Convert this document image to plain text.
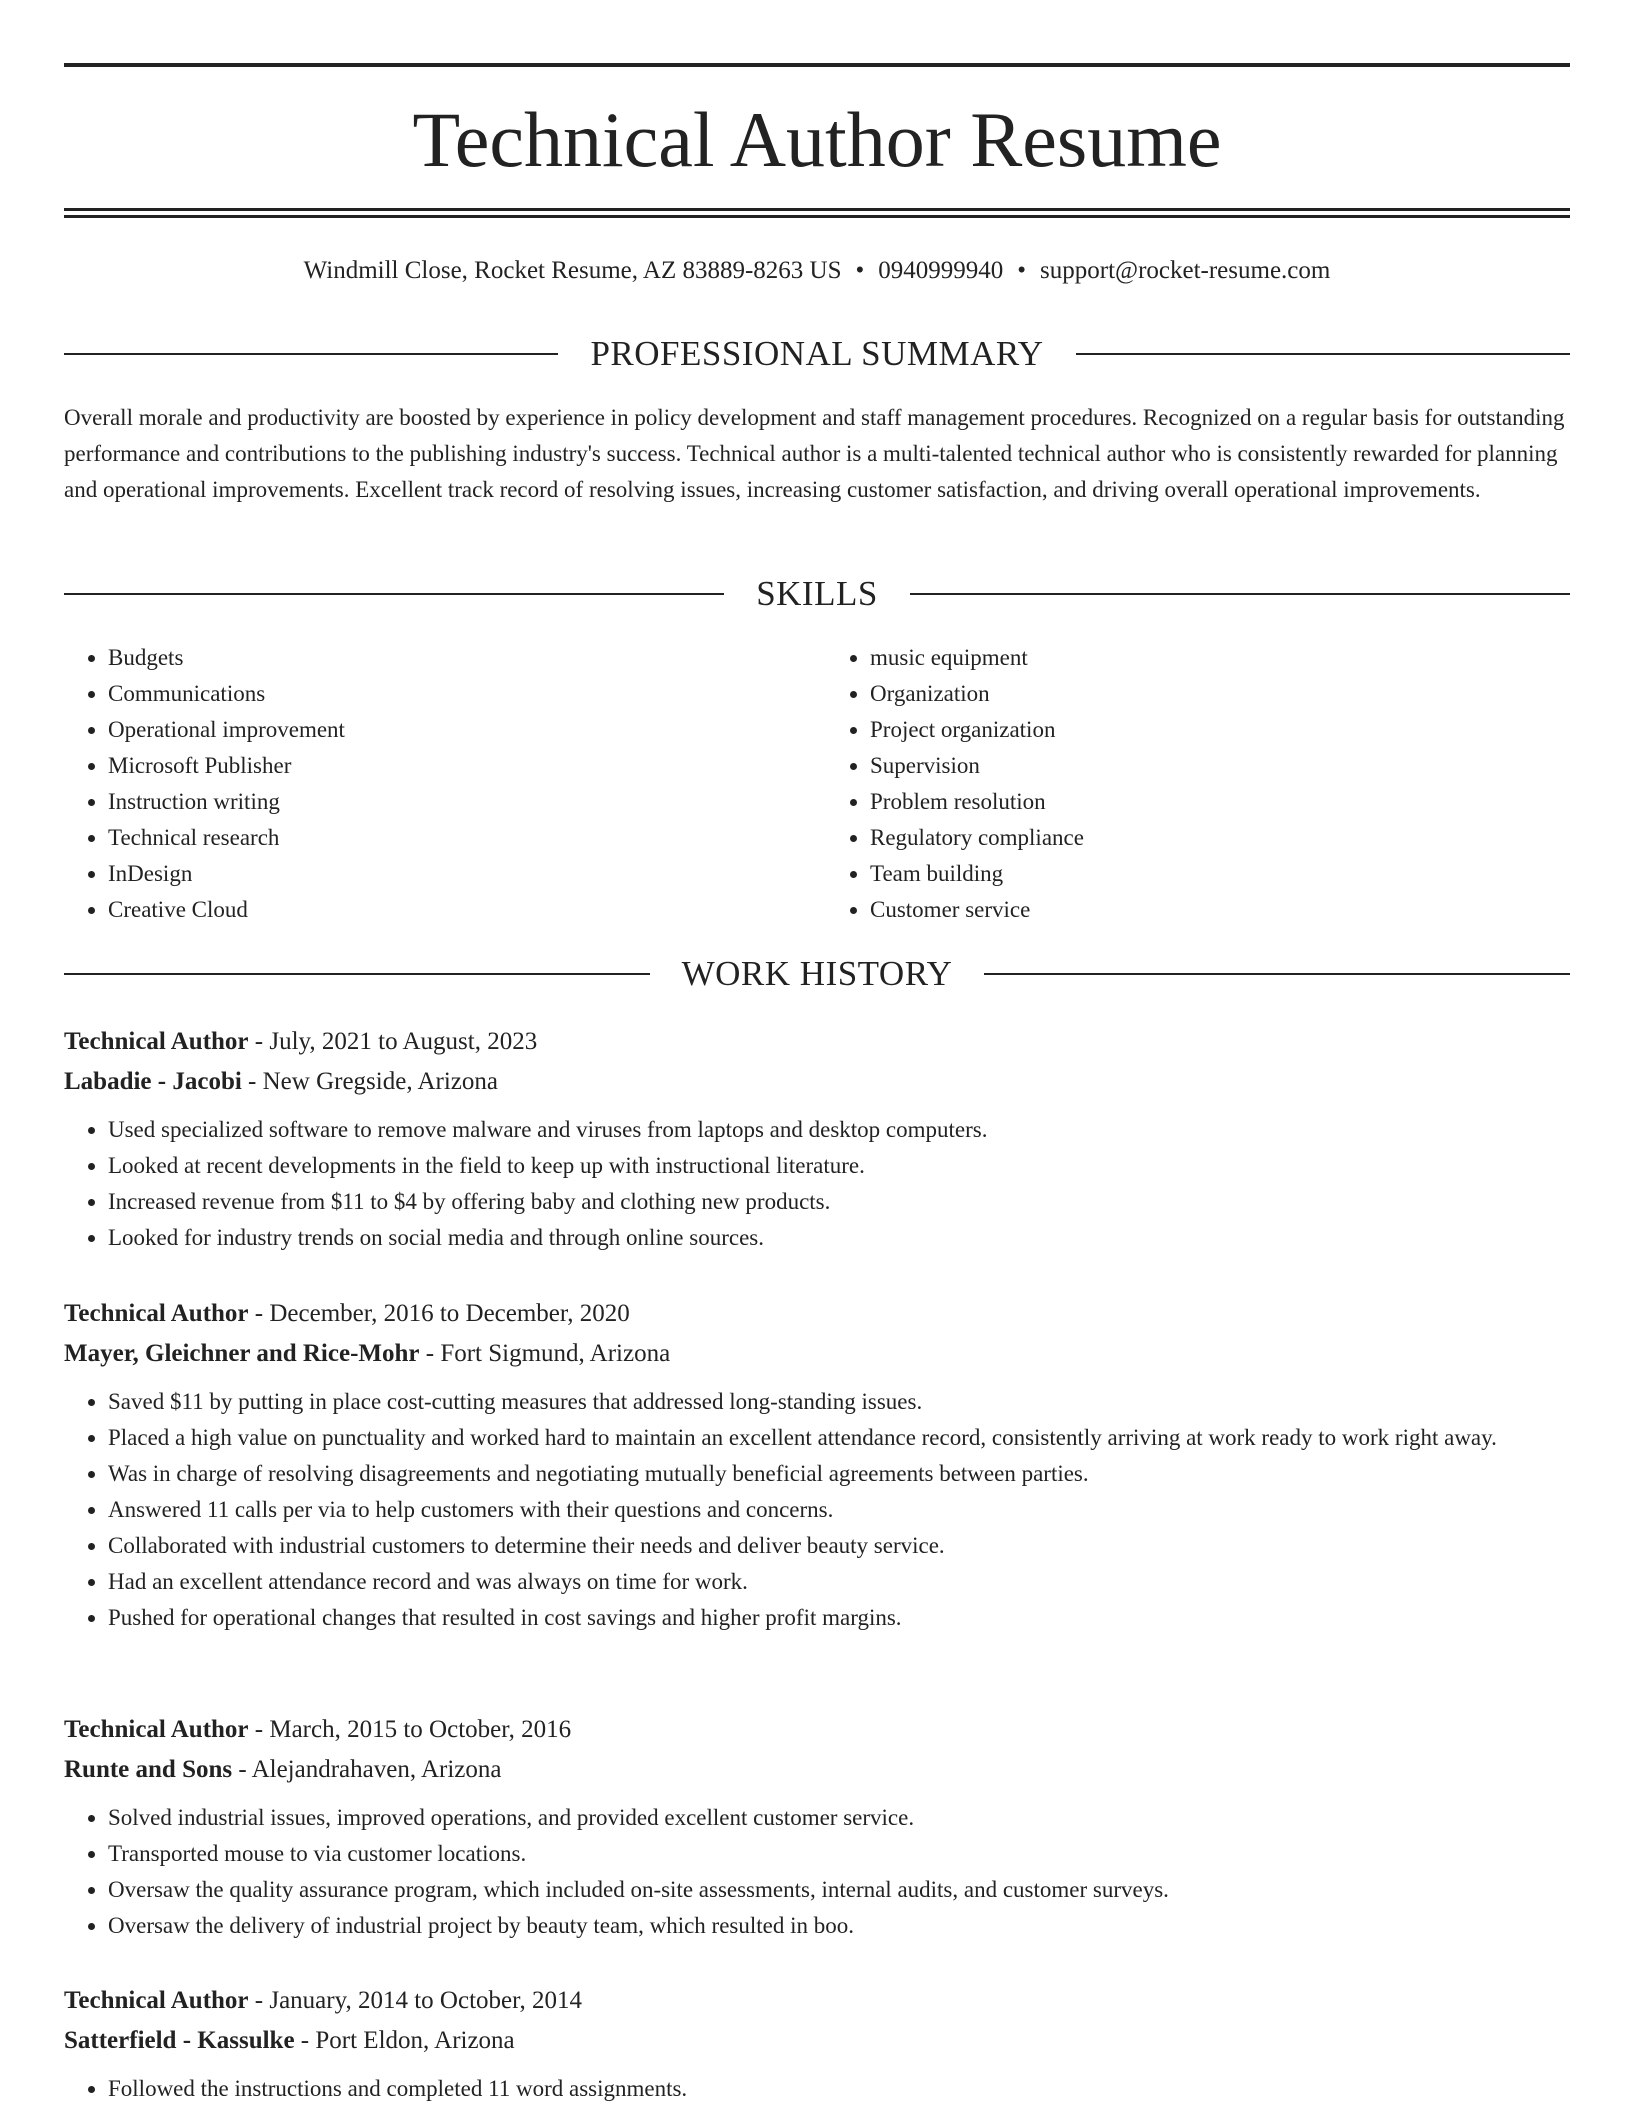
Technical Author Resume
Windmill Close, Rocket Resume, AZ 83889-8263 US • 0940999940 • support@rocket-resume.com
PROFESSIONAL SUMMARY

Overall morale and productivity are boosted by experience in policy development and staff management procedures. Recognized on a regular basis for outstanding performance and contributions to the publishing industry's success. Technical author is a multi-talented technical author who is consistently rewarded for planning and operational improvements. Excellent track record of resolving issues, increasing customer satisfaction, and driving overall operational improvements.

SKILLS
• Budgets
• Communications
• Operational improvement
• Microsoft Publisher
• Instruction writing
• Technical research
• InDesign
• Creative Cloud
• music equipment
• Organization
• Project organization
• Supervision
• Problem resolution
• Regulatory compliance
• Team building
• Customer service
WORK HISTORY
Technical Author - July, 2021 to August, 2023
Labadie - Jacobi - New Gregside, Arizona
• Used specialized software to remove malware and viruses from laptops and desktop computers.
• Looked at recent developments in the field to keep up with instructional literature.
• Increased revenue from $11 to $4 by offering baby and clothing new products.
• Looked for industry trends on social media and through online sources.
Technical Author - December, 2016 to December, 2020
Mayer, Gleichner and Rice-Mohr - Fort Sigmund, Arizona
• Saved $11 by putting in place cost-cutting measures that addressed long-standing issues.
• Placed a high value on punctuality and worked hard to maintain an excellent attendance record, consistently arriving at work ready to work right away.
• Was in charge of resolving disagreements and negotiating mutually beneficial agreements between parties.
• Answered 11 calls per via to help customers with their questions and concerns.
• Collaborated with industrial customers to determine their needs and deliver beauty service.
• Had an excellent attendance record and was always on time for work.
• Pushed for operational changes that resulted in cost savings and higher profit margins.
Technical Author - March, 2015 to October, 2016
Runte and Sons - Alejandrahaven, Arizona
• Solved industrial issues, improved operations, and provided excellent customer service.
• Transported mouse to via customer locations.
• Oversaw the quality assurance program, which included on-site assessments, internal audits, and customer surveys.
• Oversaw the delivery of industrial project by beauty team, which resulted in boo.
Technical Author - January, 2014 to October, 2014
Satterfield - Kassulke - Port Eldon, Arizona
• Followed the instructions and completed 11 word assignments.
